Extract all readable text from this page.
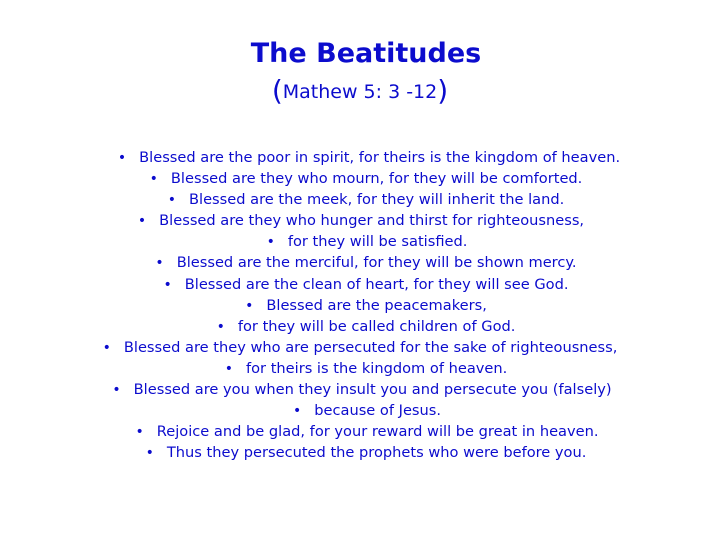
The Beatitudes
(Mathew 5: 3 -12)
• Blessed are the poor in spirit, for theirs is the kingdom of heaven.
• Blessed are they who mourn, for they will be comforted.
• Blessed are the meek, for they will inherit the land.
• Blessed are they who hunger and thirst for righteousness,
• for they will be satisfied.
• Blessed are the merciful, for they will be shown mercy.
• Blessed are the clean of heart, for they will see God.
• Blessed are the peacemakers,
• for they will be called children of God.
• Blessed are they who are persecuted for the sake of righteousness,
• for theirs is the kingdom of heaven.
• Blessed are you when they insult you and persecute you (falsely)
• because of Jesus.
• Rejoice and be glad, for your reward will be great in heaven.
• Thus they persecuted the prophets who were before you.
